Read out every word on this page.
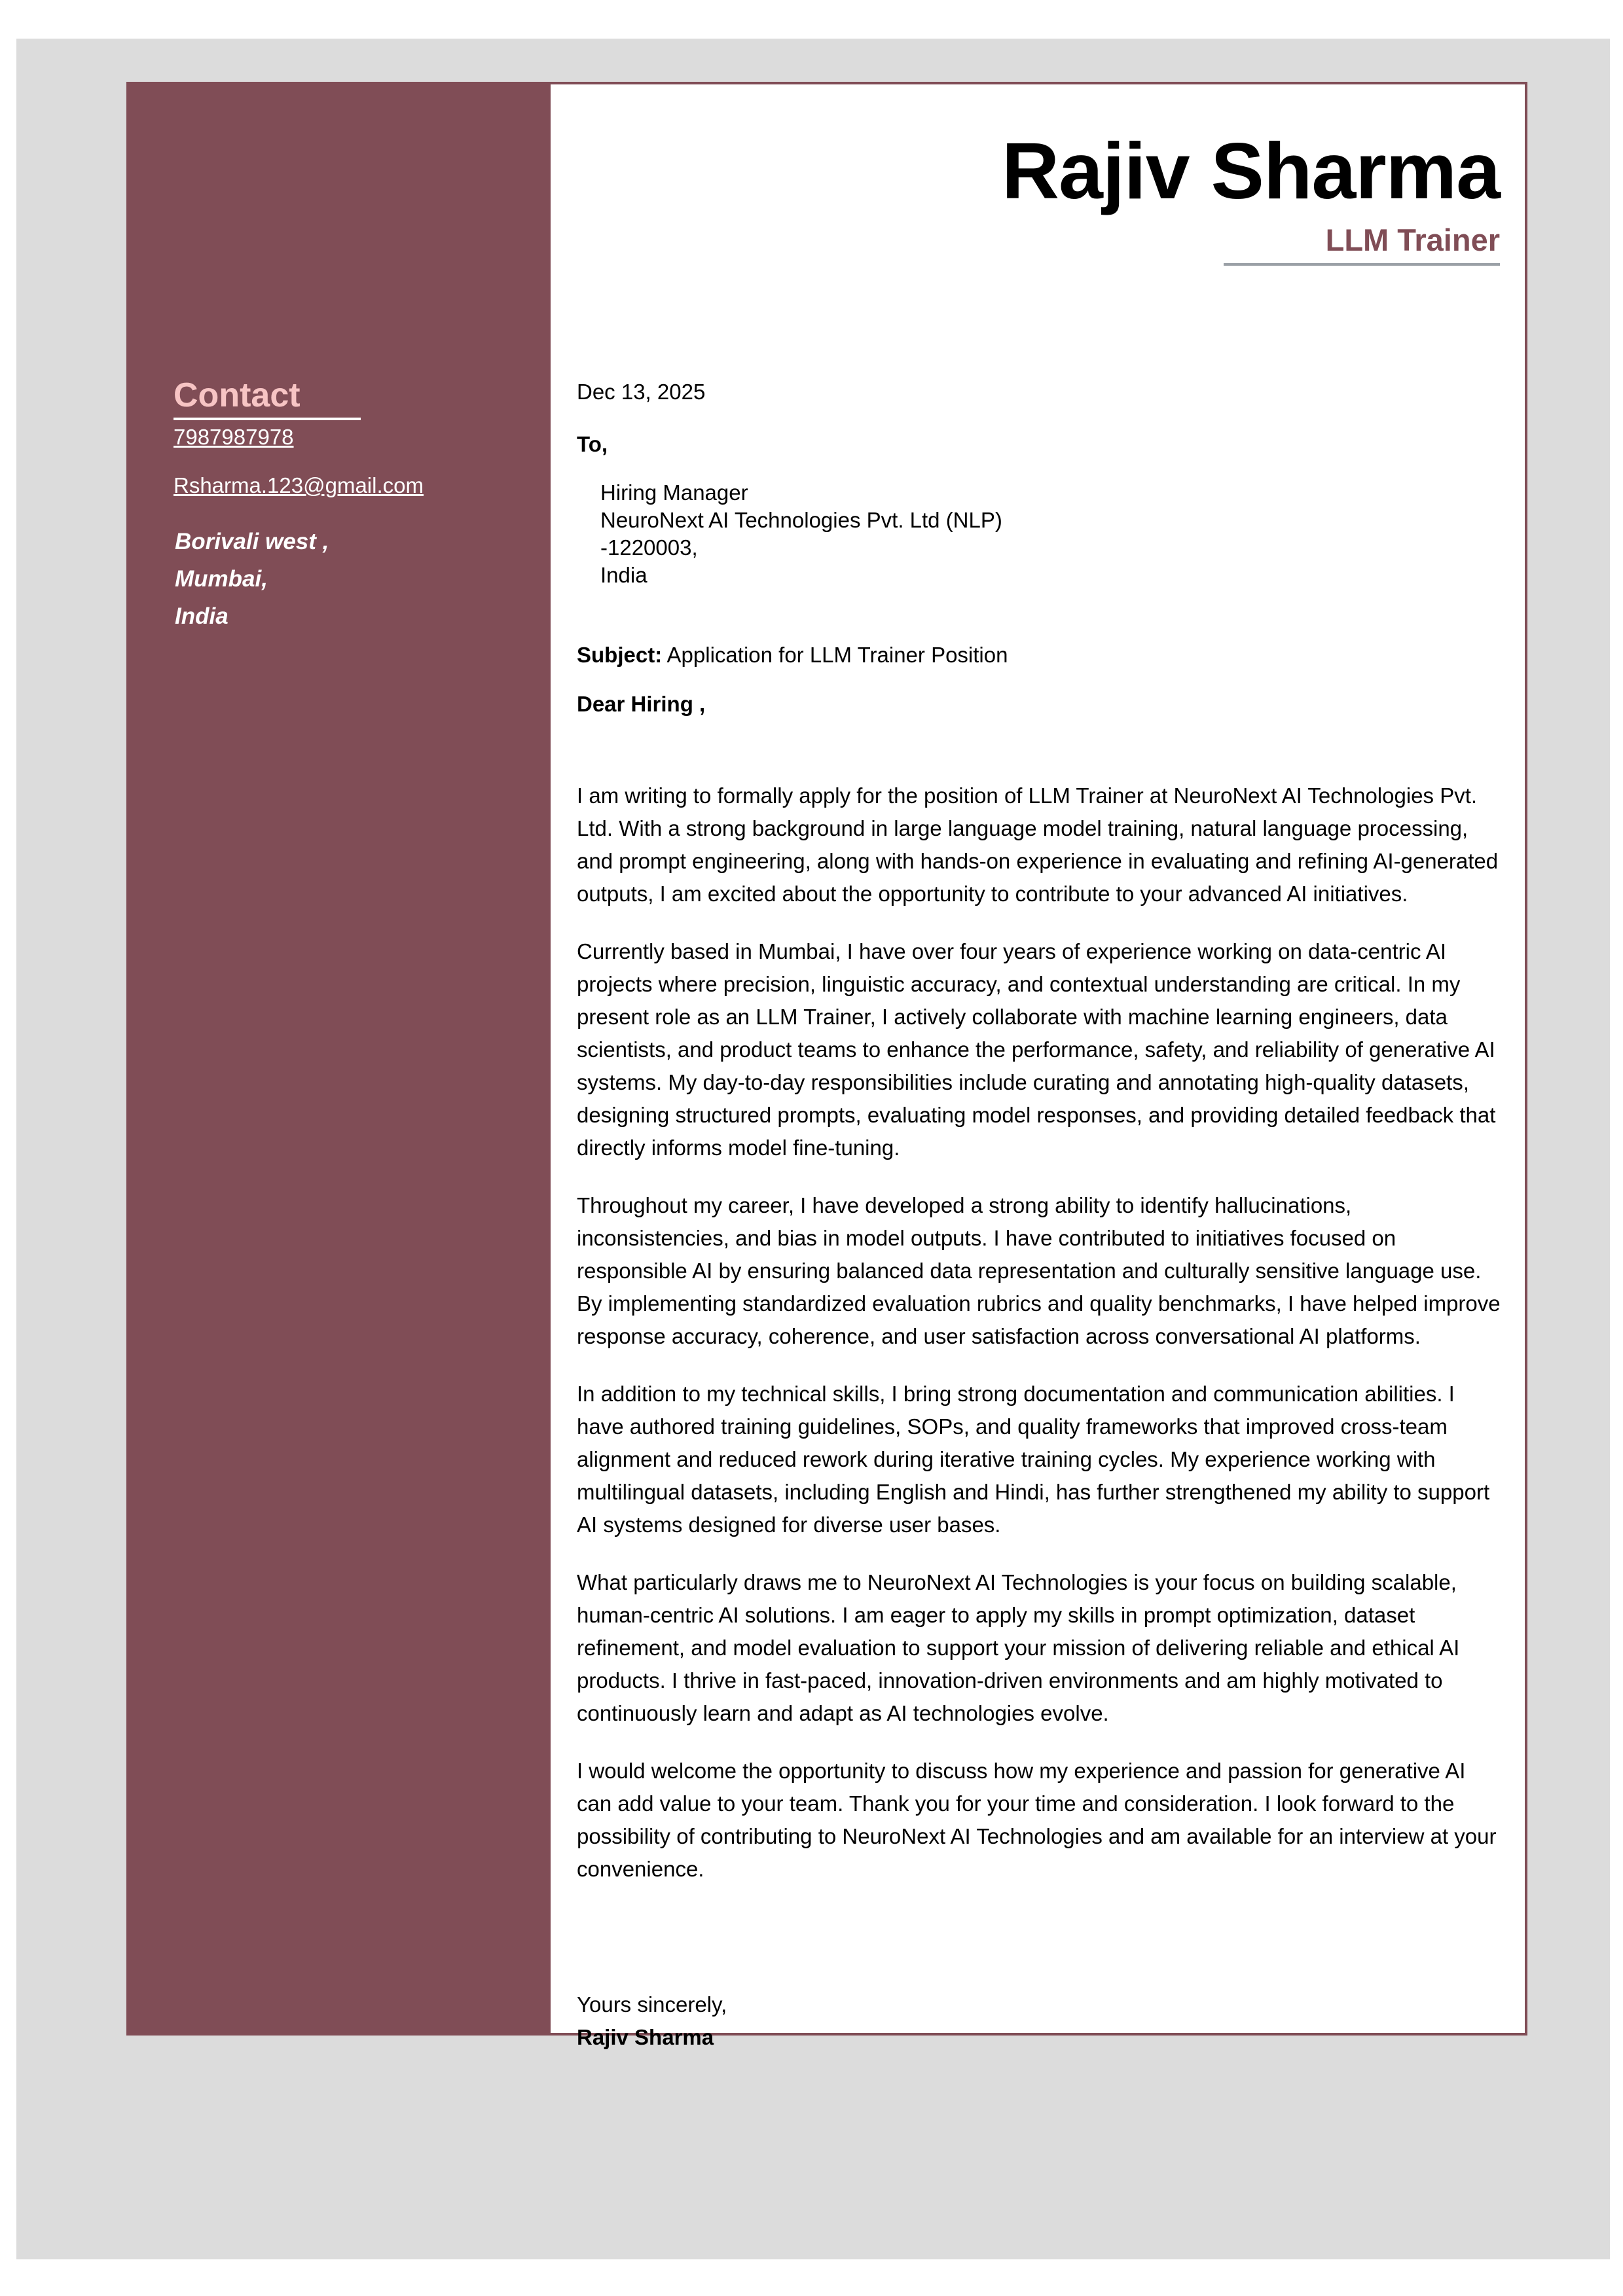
Contact
7987987978
Rsharma.123@gmail.com
Borivali west ,
Mumbai,
India
Rajiv Sharma
LLM Trainer
Dec 13, 2025
To,
Hiring Manager
NeuroNext AI Technologies Pvt. Ltd (NLP)
-1220003,
India
Subject: Application for LLM Trainer Position
Dear Hiring ,

I am writing to formally apply for the position of LLM Trainer at NeuroNext AI Technologies Pvt. Ltd. With a strong background in large language model training, natural language processing, and prompt engineering, along with hands-on experience in evaluating and refining AI-generated outputs, I am excited about the opportunity to contribute to your advanced AI initiatives.

Currently based in Mumbai, I have over four years of experience working on data-centric AI projects where precision, linguistic accuracy, and contextual understanding are critical. In my present role as an LLM Trainer, I actively collaborate with machine learning engineers, data scientists, and product teams to enhance the performance, safety, and reliability of generative AI systems. My day-to-day responsibilities include curating and annotating high-quality datasets, designing structured prompts, evaluating model responses, and providing detailed feedback that directly informs model fine-tuning.

Throughout my career, I have developed a strong ability to identify hallucinations, inconsistencies, and bias in model outputs. I have contributed to initiatives focused on responsible AI by ensuring balanced data representation and culturally sensitive language use. By implementing standardized evaluation rubrics and quality benchmarks, I have helped improve response accuracy, coherence, and user satisfaction across conversational AI platforms.

In addition to my technical skills, I bring strong documentation and communication abilities. I have authored training guidelines, SOPs, and quality frameworks that improved cross-team alignment and reduced rework during iterative training cycles. My experience working with multilingual datasets, including English and Hindi, has further strengthened my ability to support AI systems designed for diverse user bases.

What particularly draws me to NeuroNext AI Technologies is your focus on building scalable, human-centric AI solutions. I am eager to apply my skills in prompt optimization, dataset refinement, and model evaluation to support your mission of delivering reliable and ethical AI products. I thrive in fast-paced, innovation-driven environments and am highly motivated to continuously learn and adapt as AI technologies evolve.

I would welcome the opportunity to discuss how my experience and passion for generative AI can add value to your team. Thank you for your time and consideration. I look forward to the possibility of contributing to NeuroNext AI Technologies and am available for an interview at your convenience.

Yours sincerely,
Rajiv Sharma
